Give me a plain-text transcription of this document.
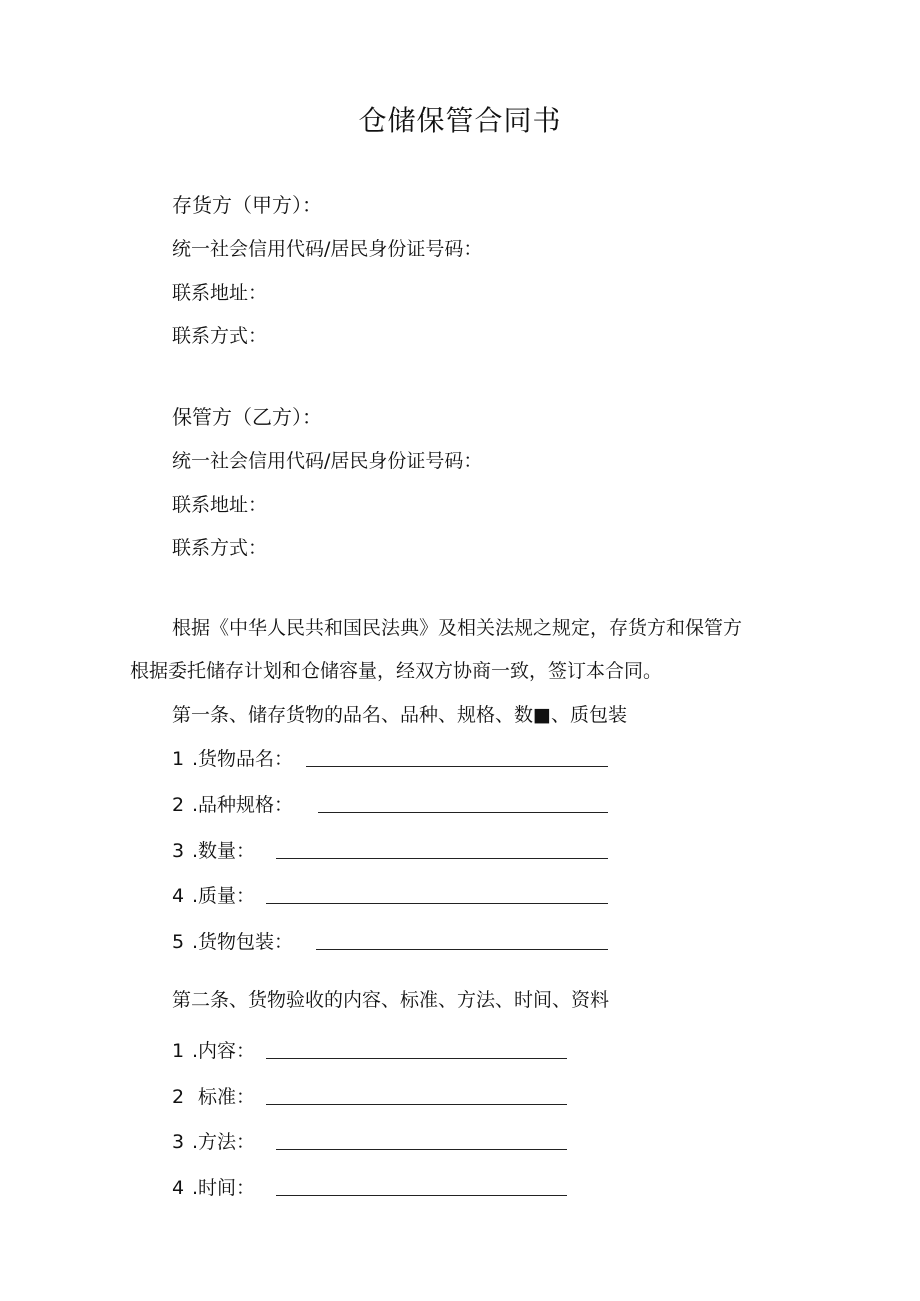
仓储保管合同书

存货方（甲方）：

统一社会信用代码/居民身份证号码：

联系地址：

联系方式：

保管方（乙方）：

统一社会信用代码/居民身份证号码：

联系地址：

联系方式：

根据《中华人民共和国民法典》及相关法规之规定，存货方和保管方

根据委托储存计划和仓储容量，经双方协商一致，签订本合同。

第一条、储存货物的品名、品种、规格、数■、质包装

1 .货物品名：

2 .品种规格：

3 .数量：

4 .质量：

5 .货物包装：

第二条、货物验收的内容、标准、方法、时间、资料

1 .内容：

2 标准：

3 .方法：

4 .时间：
